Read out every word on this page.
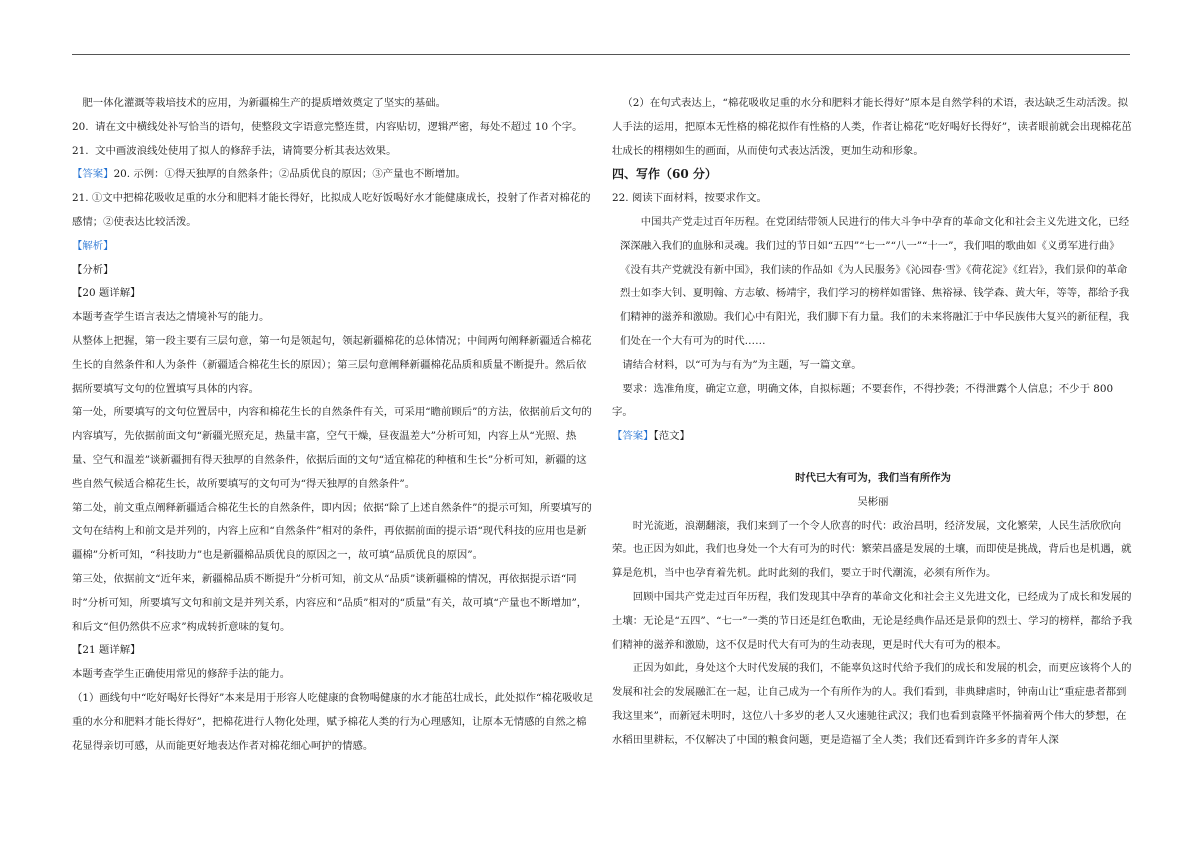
肥一体化灌溉等栽培技术的应用，为新疆棉生产的提质增效奠定了坚实的基础。

20.  请在文中横线处补写恰当的语句，使整段文字语意完整连贯，内容贴切，逻辑严密，每处不超过 10 个字。

21.  文中画波浪线处使用了拟人的修辞手法，请简要分析其表达效果。

【答案】20. 示例：①得天独厚的自然条件；②品质优良的原因；③产量也不断增加。

21. ①文中把棉花吸收足重的水分和肥料才能长得好，比拟成人吃好饭喝好水才能健康成长，投射了作者对棉花的感情；②使表达比较活泼。

【解析】

【分析】

【20 题详解】

本题考查学生语言表达之情境补写的能力。

从整体上把握，第一段主要有三层句意，第一句是领起句，领起新疆棉花的总体情况；中间两句阐释新疆适合棉花生长的自然条件和人为条件（新疆适合棉花生长的原因）；第三层句意阐释新疆棉花品质和质量不断提升。然后依据所要填写文句的位置填写具体的内容。

第一处，所要填写的文句位置居中，内容和棉花生长的自然条件有关，可采用“瞻前顾后”的方法，依据前后文句的内容填写，先依据前面文句“新疆光照充足，热量丰富，空气干燥，昼夜温差大”分析可知，内容上从“光照、热量、空气和温差”谈新疆拥有得天独厚的自然条件，依据后面的文句“适宜棉花的种植和生长”分析可知，新疆的这些自然气候适合棉花生长，故所要填写的文句可为“得天独厚的自然条件”。

第二处，前文重点阐释新疆适合棉花生长的自然条件，即内因；依据“除了上述自然条件”的提示可知，所要填写的文句在结构上和前文是并列的，内容上应和“自然条件”相对的条件，再依据前面的提示语“现代科技的应用也是新疆棉”分析可知，“科技助力”也是新疆棉品质优良的原因之一，故可填“品质优良的原因”。

第三处，依据前文“近年来，新疆棉品质不断提升”分析可知，前文从“品质”谈新疆棉的情况，再依据提示语“同时”分析可知，所要填写文句和前文是并列关系，内容应和“品质”相对的“质量”有关，故可填“产量也不断增加”，和后文“但仍然供不应求”构成转折意味的复句。

【21 题详解】

本题考查学生正确使用常见的修辞手法的能力。

（1）画线句中“吃好喝好长得好”本来是用于形容人吃健康的食物喝健康的水才能茁壮成长，此处拟作“棉花吸收足重的水分和肥料才能长得好”，把棉花进行人物化处理，赋予棉花人类的行为心理感知，让原本无情感的自然之棉花显得亲切可感，从而能更好地表达作者对棉花细心呵护的情感。

（2）在句式表达上，“棉花吸收足重的水分和肥料才能长得好”原本是自然学科的术语，表达缺乏生动活泼。拟人手法的运用，把原本无性格的棉花拟作有性格的人类，作者让棉花“吃好喝好长得好”，读者眼前就会出现棉花茁壮成长的栩栩如生的画面，从而使句式表达活泼，更加生动和形象。

四、写作（60 分）

22. 阅读下面材料，按要求作文。

中国共产党走过百年历程。在党团结带领人民进行的伟大斗争中孕育的革命文化和社会主义先进文化，已经深深融入我们的血脉和灵魂。我们过的节日如“五四”“七一”“八一”“十一”，我们唱的歌曲如《义勇军进行曲》《没有共产党就没有新中国》，我们读的作品如《为人民服务》《沁园春·雪》《荷花淀》《红岩》，我们景仰的革命烈士如李大钊、夏明翰、方志敏、杨靖宇，我们学习的榜样如雷锋、焦裕禄、钱学森、黄大年，等等，都给予我们精神的滋养和激励。我们心中有阳光，我们脚下有力量。我们的未来将融汇于中华民族伟大复兴的新征程，我们处在一个大有可为的时代……

请结合材料，以“可为与有为”为主题，写一篇文章。

要求：选准角度，确定立意，明确文体，自拟标题；不要套作，不得抄袭；不得泄露个人信息；不少于 800 字。

【答案】【范文】

时代已大有可为，我们当有所作为

吴彬丽

时光流逝，浪潮翻滚，我们来到了一个令人欣喜的时代：政治昌明，经济发展，文化繁荣，人民生活欣欣向荣。也正因为如此，我们也身处一个大有可为的时代：繁荣昌盛是发展的土壤，而即使是挑战，背后也是机遇，就算是危机，当中也孕育着先机。此时此刻的我们，要立于时代潮流，必须有所作为。

回顾中国共产党走过百年历程，我们发现其中孕育的革命文化和社会主义先进文化，已经成为了成长和发展的土壤：无论是“五四”、“七一”一类的节日还是红色歌曲，无论是经典作品还是景仰的烈士、学习的榜样，都给予我们精神的滋养和激励，这不仅是时代大有可为的生动表现，更是时代大有可为的根本。

正因为如此，身处这个大时代发展的我们，不能辜负这时代给予我们的成长和发展的机会，而更应该将个人的发展和社会的发展融汇在一起，让自己成为一个有所作为的人。我们看到，非典肆虐时，钟南山让“重症患者都到我这里来”，而新冠未明时，这位八十多岁的老人又火速驰往武汉；我们也看到袁隆平怀揣着两个伟大的梦想，在水稻田里耕耘，不仅解决了中国的粮食问题，更是造福了全人类；我们还看到许许多多的青年人深
